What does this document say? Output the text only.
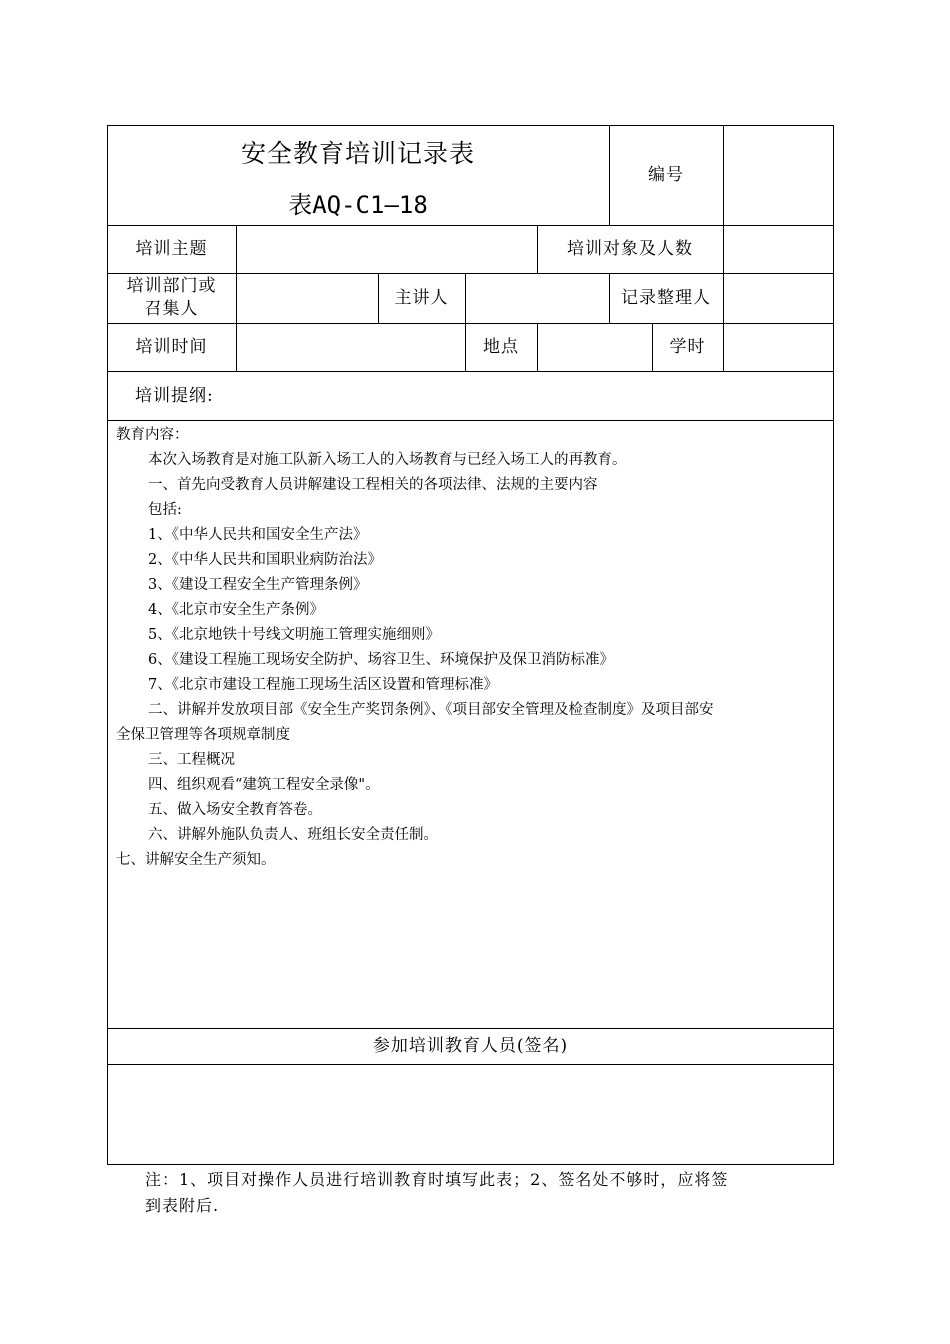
安全教育培训记录表
表AQ-C1—18
编号
培训主题	培训对象及人数
培训部门或
召集人
主讲人	记录整理人
培训时间	地点	学时
培训提纲:
教育内容：
本次入场教育是对施工队新入场工人的入场教育与已经入场工人的再教育。
一、首先向受教育人员讲解建设工程相关的各项法律、法规的主要内容
包括:
1、《中华人民共和国安全生产法》
2、《中华人民共和国职业病防治法》
3、《建设工程安全生产管理条例》
4、《北京市安全生产条例》
5、《北京地铁十号线文明施工管理实施细则》
6、《建设工程施工现场安全防护、场容卫生、环境保护及保卫消防标准》
7、《北京市建设工程施工现场生活区设置和管理标准》
二、讲解并发放项目部《安全生产奖罚条例》、《项目部安全管理及检查制度》及项目部安
全保卫管理等各项规章制度
三、工程概况
四、组织观看“建筑工程安全录像"。
五、做入场安全教育答卷。
六、讲解外施队负责人、班组长安全责任制。
七、讲解安全生产须知。
参加培训教育人员(签名)
注：1、项目对操作人员进行培训教育时填写此表；2、签名处不够时，应将签
到表附后.
